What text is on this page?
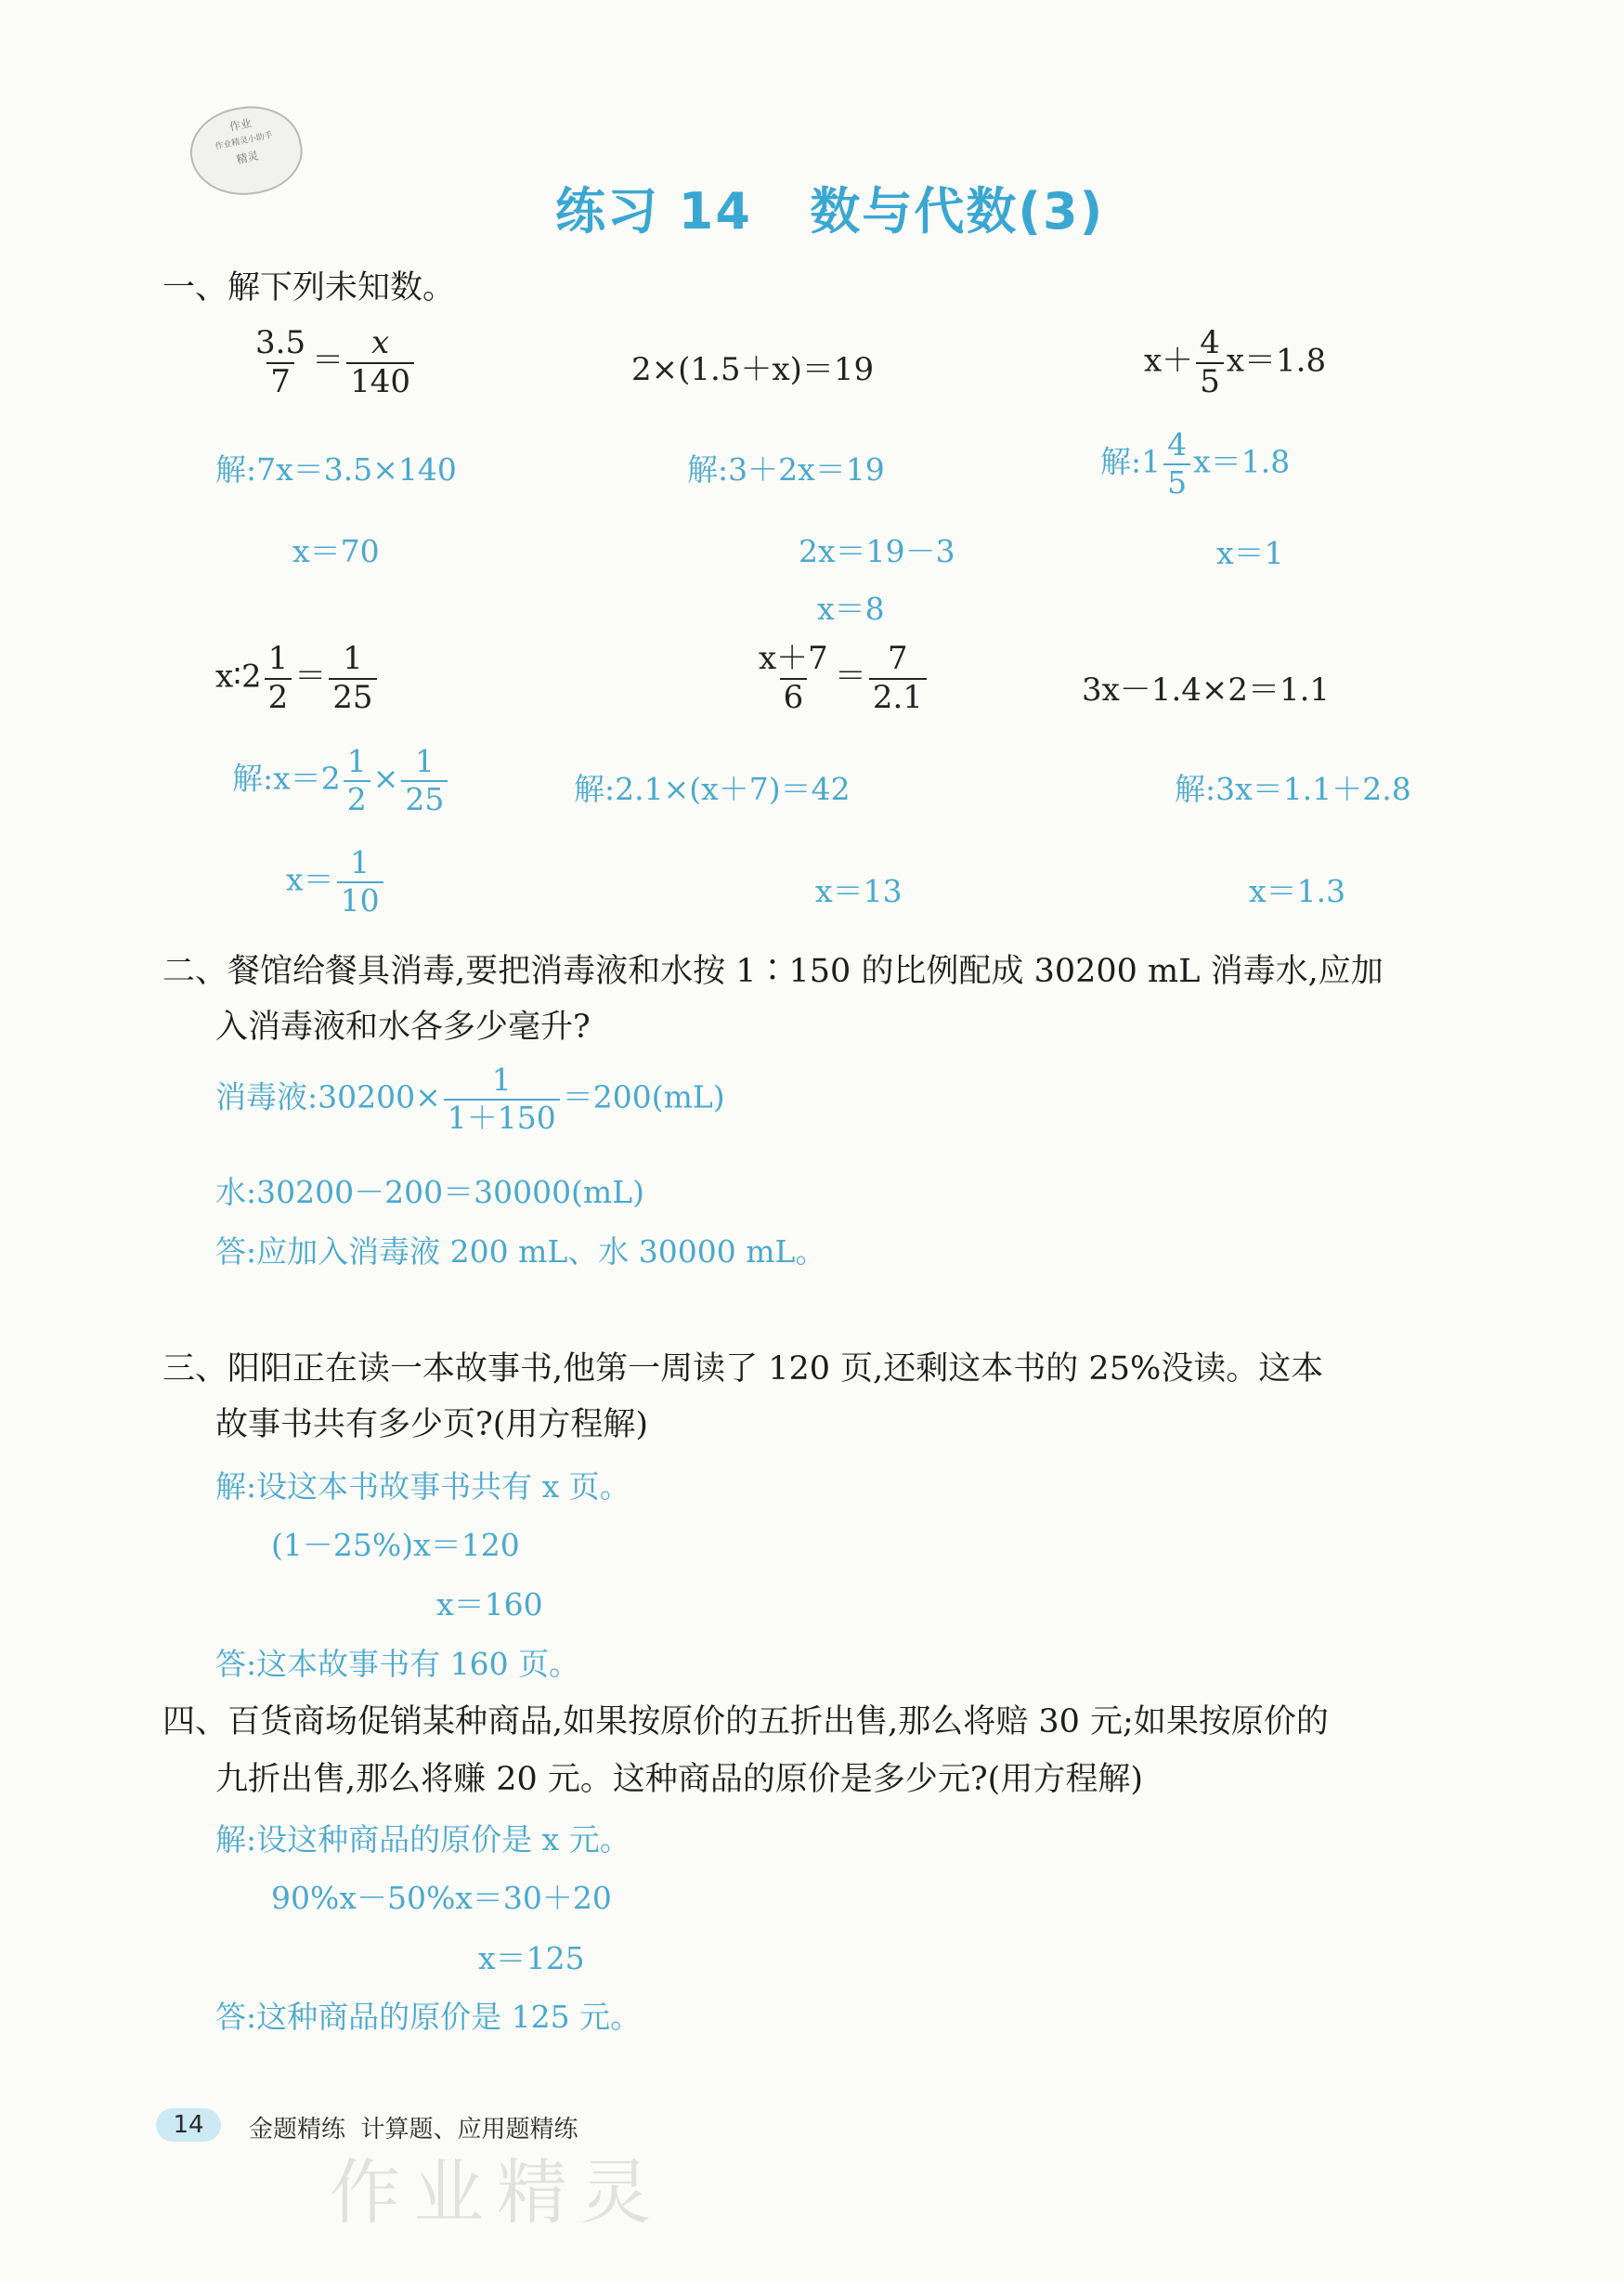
作业
作业精灵小助手
精灵
练习 14   数与代数(3)
一、解下列未知数。
$\frac{3.5}{7} = \frac{x}{140}$	2×(1.5＋x)＝19	$x+ \frac{4}{5} x=1.8$
解:7x＝3.5×140
x＝70
解:3＋2x＝19
2x＝19－3
x＝8
解:1 $\frac{4}{5} x=1.8$
x＝1
x∶2 $\frac{1}{2} = \frac{1}{25}$	$\frac{x+7}{6} = \frac{7}{2.1}$	3x－1.4×2＝1.1
解:x＝2 $\frac{1}{2} \times \frac{1}{25}$
$x= \frac{1}{10}$
解:2.1×(x＋7)＝42
x＝13
解:3x＝1.1＋2.8
x＝1.3
二、餐馆给餐具消毒,要把消毒液和水按 1∶150 的比例配成 30200 mL 消毒水,应加
入消毒液和水各多少毫升?
消毒液:30200× $\frac{1}{1+150} =200(mL)$
水:30200－200＝30000(mL)
答:应加入消毒液 200 mL、水 30000 mL。
三、阳阳正在读一本故事书,他第一周读了 120 页,还剩这本书的 25%没读。这本
故事书共有多少页?(用方程解)
解:设这本书故事书共有 x 页。
(1－25%)x＝120
x＝160
答:这本故事书有 160 页。
四、百货商场促销某种商品,如果按原价的五折出售,那么将赔 30 元;如果按原价的
九折出售,那么将赚 20 元。这种商品的原价是多少元?(用方程解)
解:设这种商品的原价是 x 元。
90%x－50%x＝30＋20
x＝125
答:这种商品的原价是 125 元。
14	金题精练  计算题、应用题精练
作业精灵
